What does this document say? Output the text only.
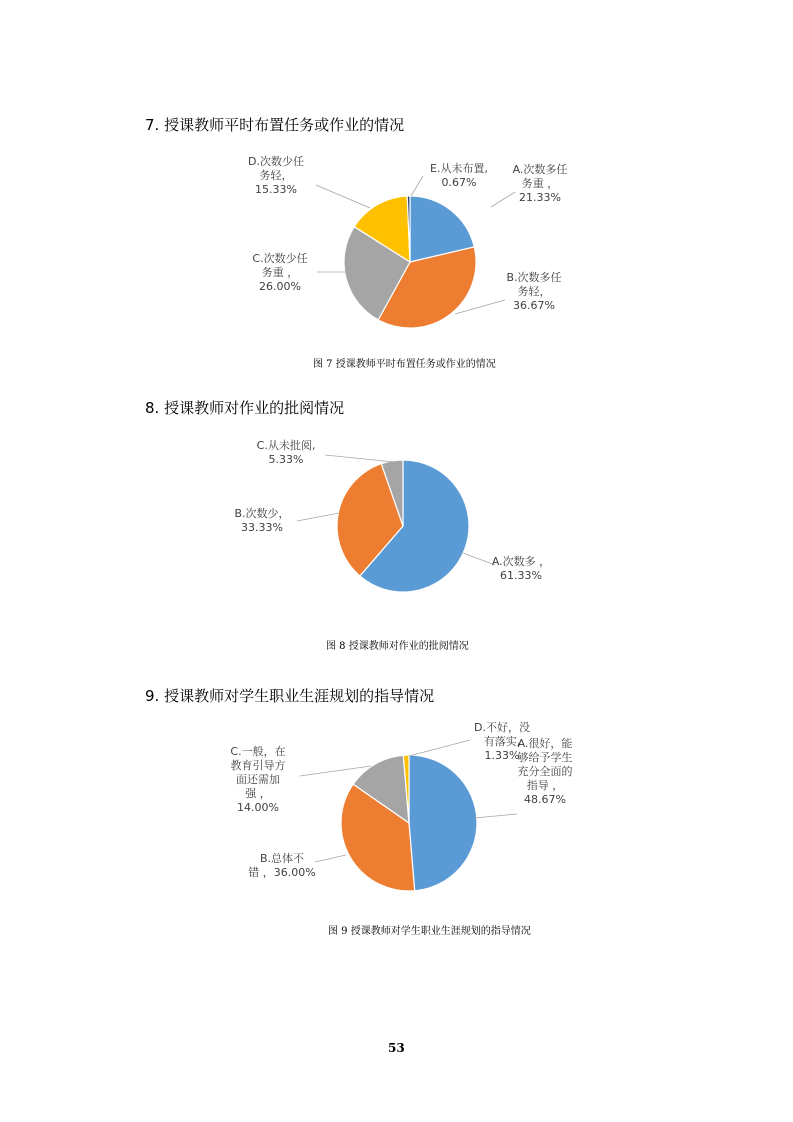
7. 授课教师平时布置任务或作业的情况
A.次数多任务重 ， 21.33%
B.次数多任务轻， 36.67%
C.次数少任务重 ， 26.00%
D.次数少任务轻， 15.33%
E.从未布置, 0.67%
图 7 授课教师平时布置任务或作业的情况
8. 授课教师对作业的批阅情况
A.次数多 ， 61.33%
B.次数少， 33.33%
C.从未批阅, 5.33%
图 8 授课教师对作业的批阅情况
9. 授课教师对学生职业生涯规划的指导情况
A.很好，能够给予学生充分全面的指导 ， 48.67%
B.总体不错 ，36.00%
C.一般，在教育引导方面还需加强 ， 14.00%
D.不好，没有落实, 1.33%
图 9 授课教师对学生职业生涯规划的指导情况
53
